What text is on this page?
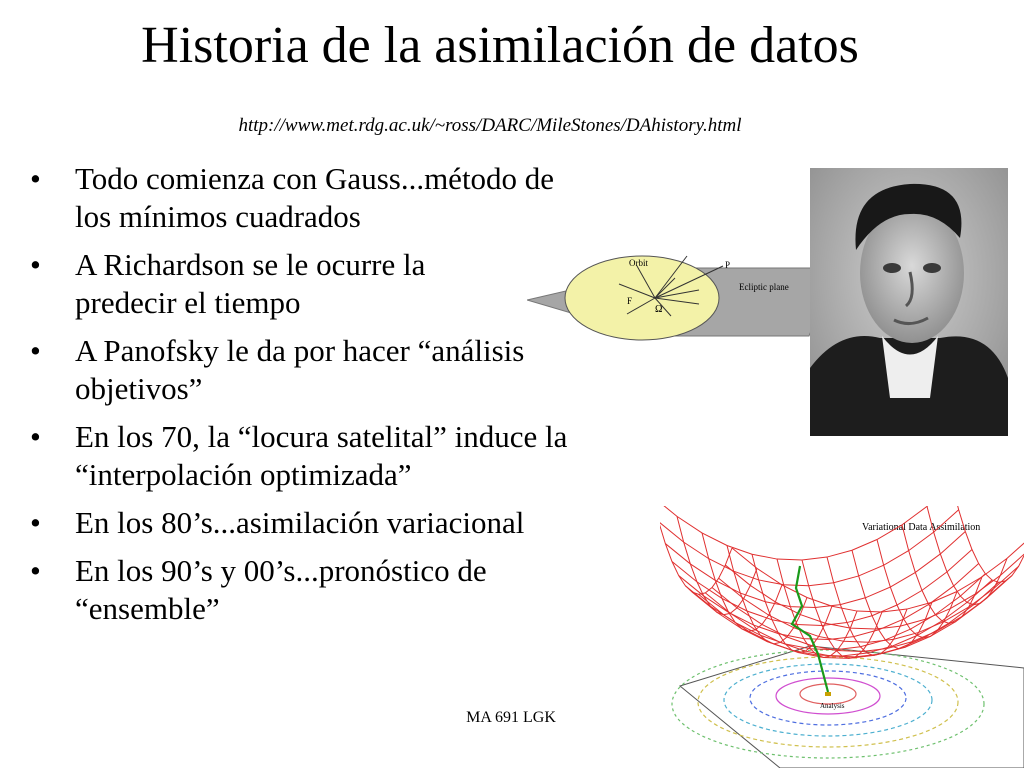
Historia de la asimilación de datos
http://www.met.rdg.ac.uk/~ross/DARC/MileStones/DAhistory.html
• Todo comienza con Gauss...método de
los mínimos cuadrados
• A Richardson se le ocurre la
predecir el tiempo
• A Panofsky le da por hacer “análisis
objetivos”
• En los 70, la “locura satelital” induce la
“interpolación optimizada”
• En los 80’s...asimilación variacional
• En los 90’s y 00’s...pronóstico de
“ensemble”
Orbit
Ecliptic plane
Ω
P
F
Variational Data Assimilation
Analysis
MA 691 LGK
